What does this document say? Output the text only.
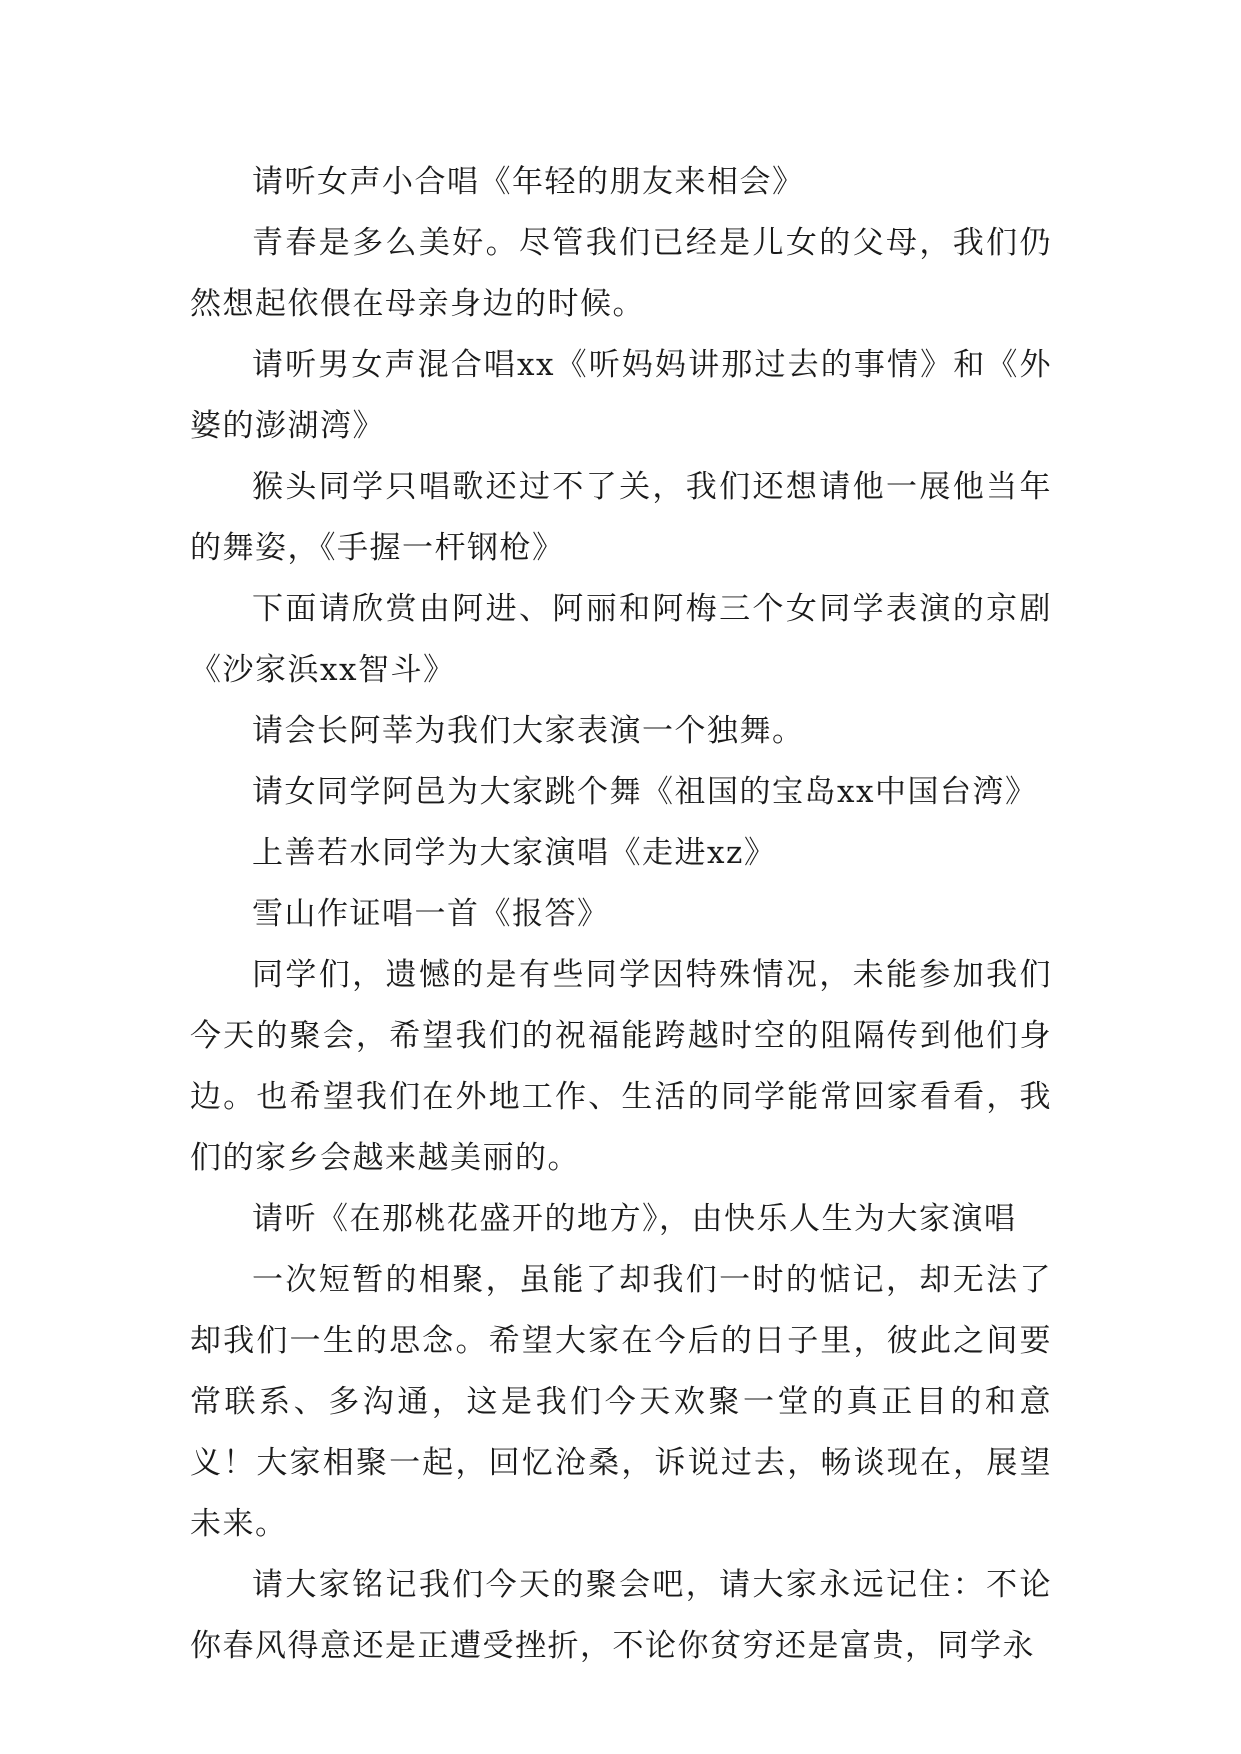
请听女声小合唱《年轻的朋友来相会》

青春是多么美好。尽管我们已经是儿女的父母，我们仍然想起依偎在母亲身边的时候。

请听男女声混合唱xx《听妈妈讲那过去的事情》和《外婆的澎湖湾》

猴头同学只唱歌还过不了关，我们还想请他一展他当年的舞姿，《手握一杆钢枪》

下面请欣赏由阿进、阿丽和阿梅三个女同学表演的京剧《沙家浜xx智斗》

请会长阿莘为我们大家表演一个独舞。

请女同学阿邑为大家跳个舞《祖国的宝岛xx中国台湾》

上善若水同学为大家演唱《走进xz》

雪山作证唱一首《报答》

同学们，遗憾的是有些同学因特殊情况，未能参加我们今天的聚会，希望我们的祝福能跨越时空的阻隔传到他们身边。也希望我们在外地工作、生活的同学能常回家看看，我们的家乡会越来越美丽的。

请听《在那桃花盛开的地方》，由快乐人生为大家演唱

一次短暂的相聚，虽能了却我们一时的惦记，却无法了却我们一生的思念。希望大家在今后的日子里，彼此之间要常联系、多沟通，这是我们今天欢聚一堂的真正目的和意义！大家相聚一起，回忆沧桑，诉说过去，畅谈现在，展望未来。

请大家铭记我们今天的聚会吧，请大家永远记住：不论你春风得意还是正遭受挫折，不论你贫穷还是富贵，同学永
